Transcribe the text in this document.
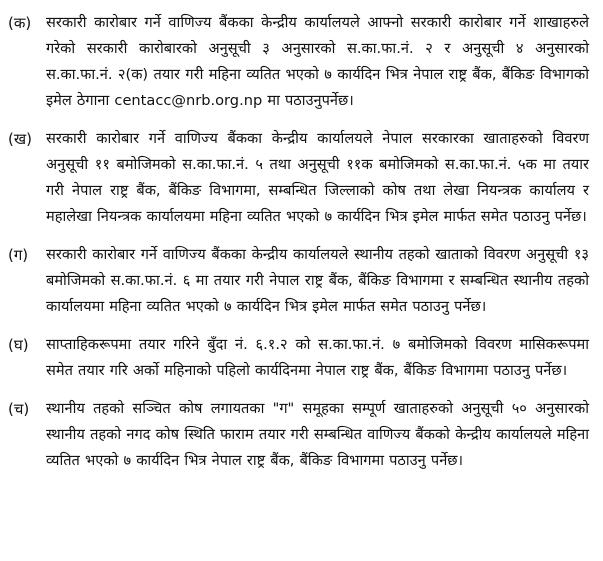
(क)	सरकारी कारोबार गर्ने वाणिज्य बैंकका केन्द्रीय कार्यालयले आफ्नो सरकारी कारोबार गर्ने शाखाहरुले गरेको सरकारी कारोबारको अनुसूची ३ अनुसारको स.का.फा.नं. २ र अनुसूची ४ अनुसारको स.का.फा.नं. २(क) तयार गरी महिना व्यतित भएको ७ कार्यदिन भित्र नेपाल राष्ट्र बैंक, बैंकिङ विभागको इमेल ठेगाना centacc@nrb.org.np मा पठाउनुपर्नेछ।
(ख) सरकारी कारोबार गर्ने वाणिज्य बैंकका केन्द्रीय कार्यालयले नेपाल सरकारका खाताहरुको विवरण अनुसूची ११ बमोजिमको स.का.फा.नं. ५ तथा अनुसूची ११क बमोजिमको स.का.फा.नं. ५क मा तयार गरी नेपाल राष्ट्र बैंक, बैंकिङ विभागमा, सम्बन्धित जिल्लाको कोष तथा लेखा नियन्त्रक कार्यालय र महालेखा नियन्त्रक कार्यालयमा महिना व्यतित भएको ७ कार्यदिन भित्र इमेल मार्फत समेत पठाउनु पर्नेछ।
(ग)	सरकारी कारोबार गर्ने वाणिज्य बैंकका केन्द्रीय कार्यालयले स्थानीय तहको खाताको विवरण अनुसूची १३ बमोजिमको स.का.फा.नं. ६ मा तयार गरी नेपाल राष्ट्र बैंक, बैंकिङ विभागमा र सम्बन्धित स्थानीय तहको कार्यालयमा महिना व्यतित भएको ७ कार्यदिन भित्र इमेल मार्फत समेत पठाउनु पर्नेछ।
(घ)	साप्ताहिकरूपमा तयार गरिने बुँदा नं. ६.१.२ को स.का.फा.नं. ७ बमोजिमको विवरण मासिकरूपमा समेत तयार गरि अर्को महिनाको पहिलो कार्यदिनमा नेपाल राष्ट्र बैंक, बैंकिङ विभागमा पठाउनु पर्नेछ।
(च)	स्थानीय तहको सञ्चित कोष लगायतका "ग" समूहका सम्पूर्ण खाताहरुको अनुसूची ५० अनुसारको स्थानीय तहको नगद कोष स्थिति फाराम तयार गरी सम्बन्धित वाणिज्य बैंकको केन्द्रीय कार्यालयले महिना व्यतित भएको ७ कार्यदिन भित्र नेपाल राष्ट्र बैंक, बैंकिङ विभागमा पठाउनु पर्नेछ।
